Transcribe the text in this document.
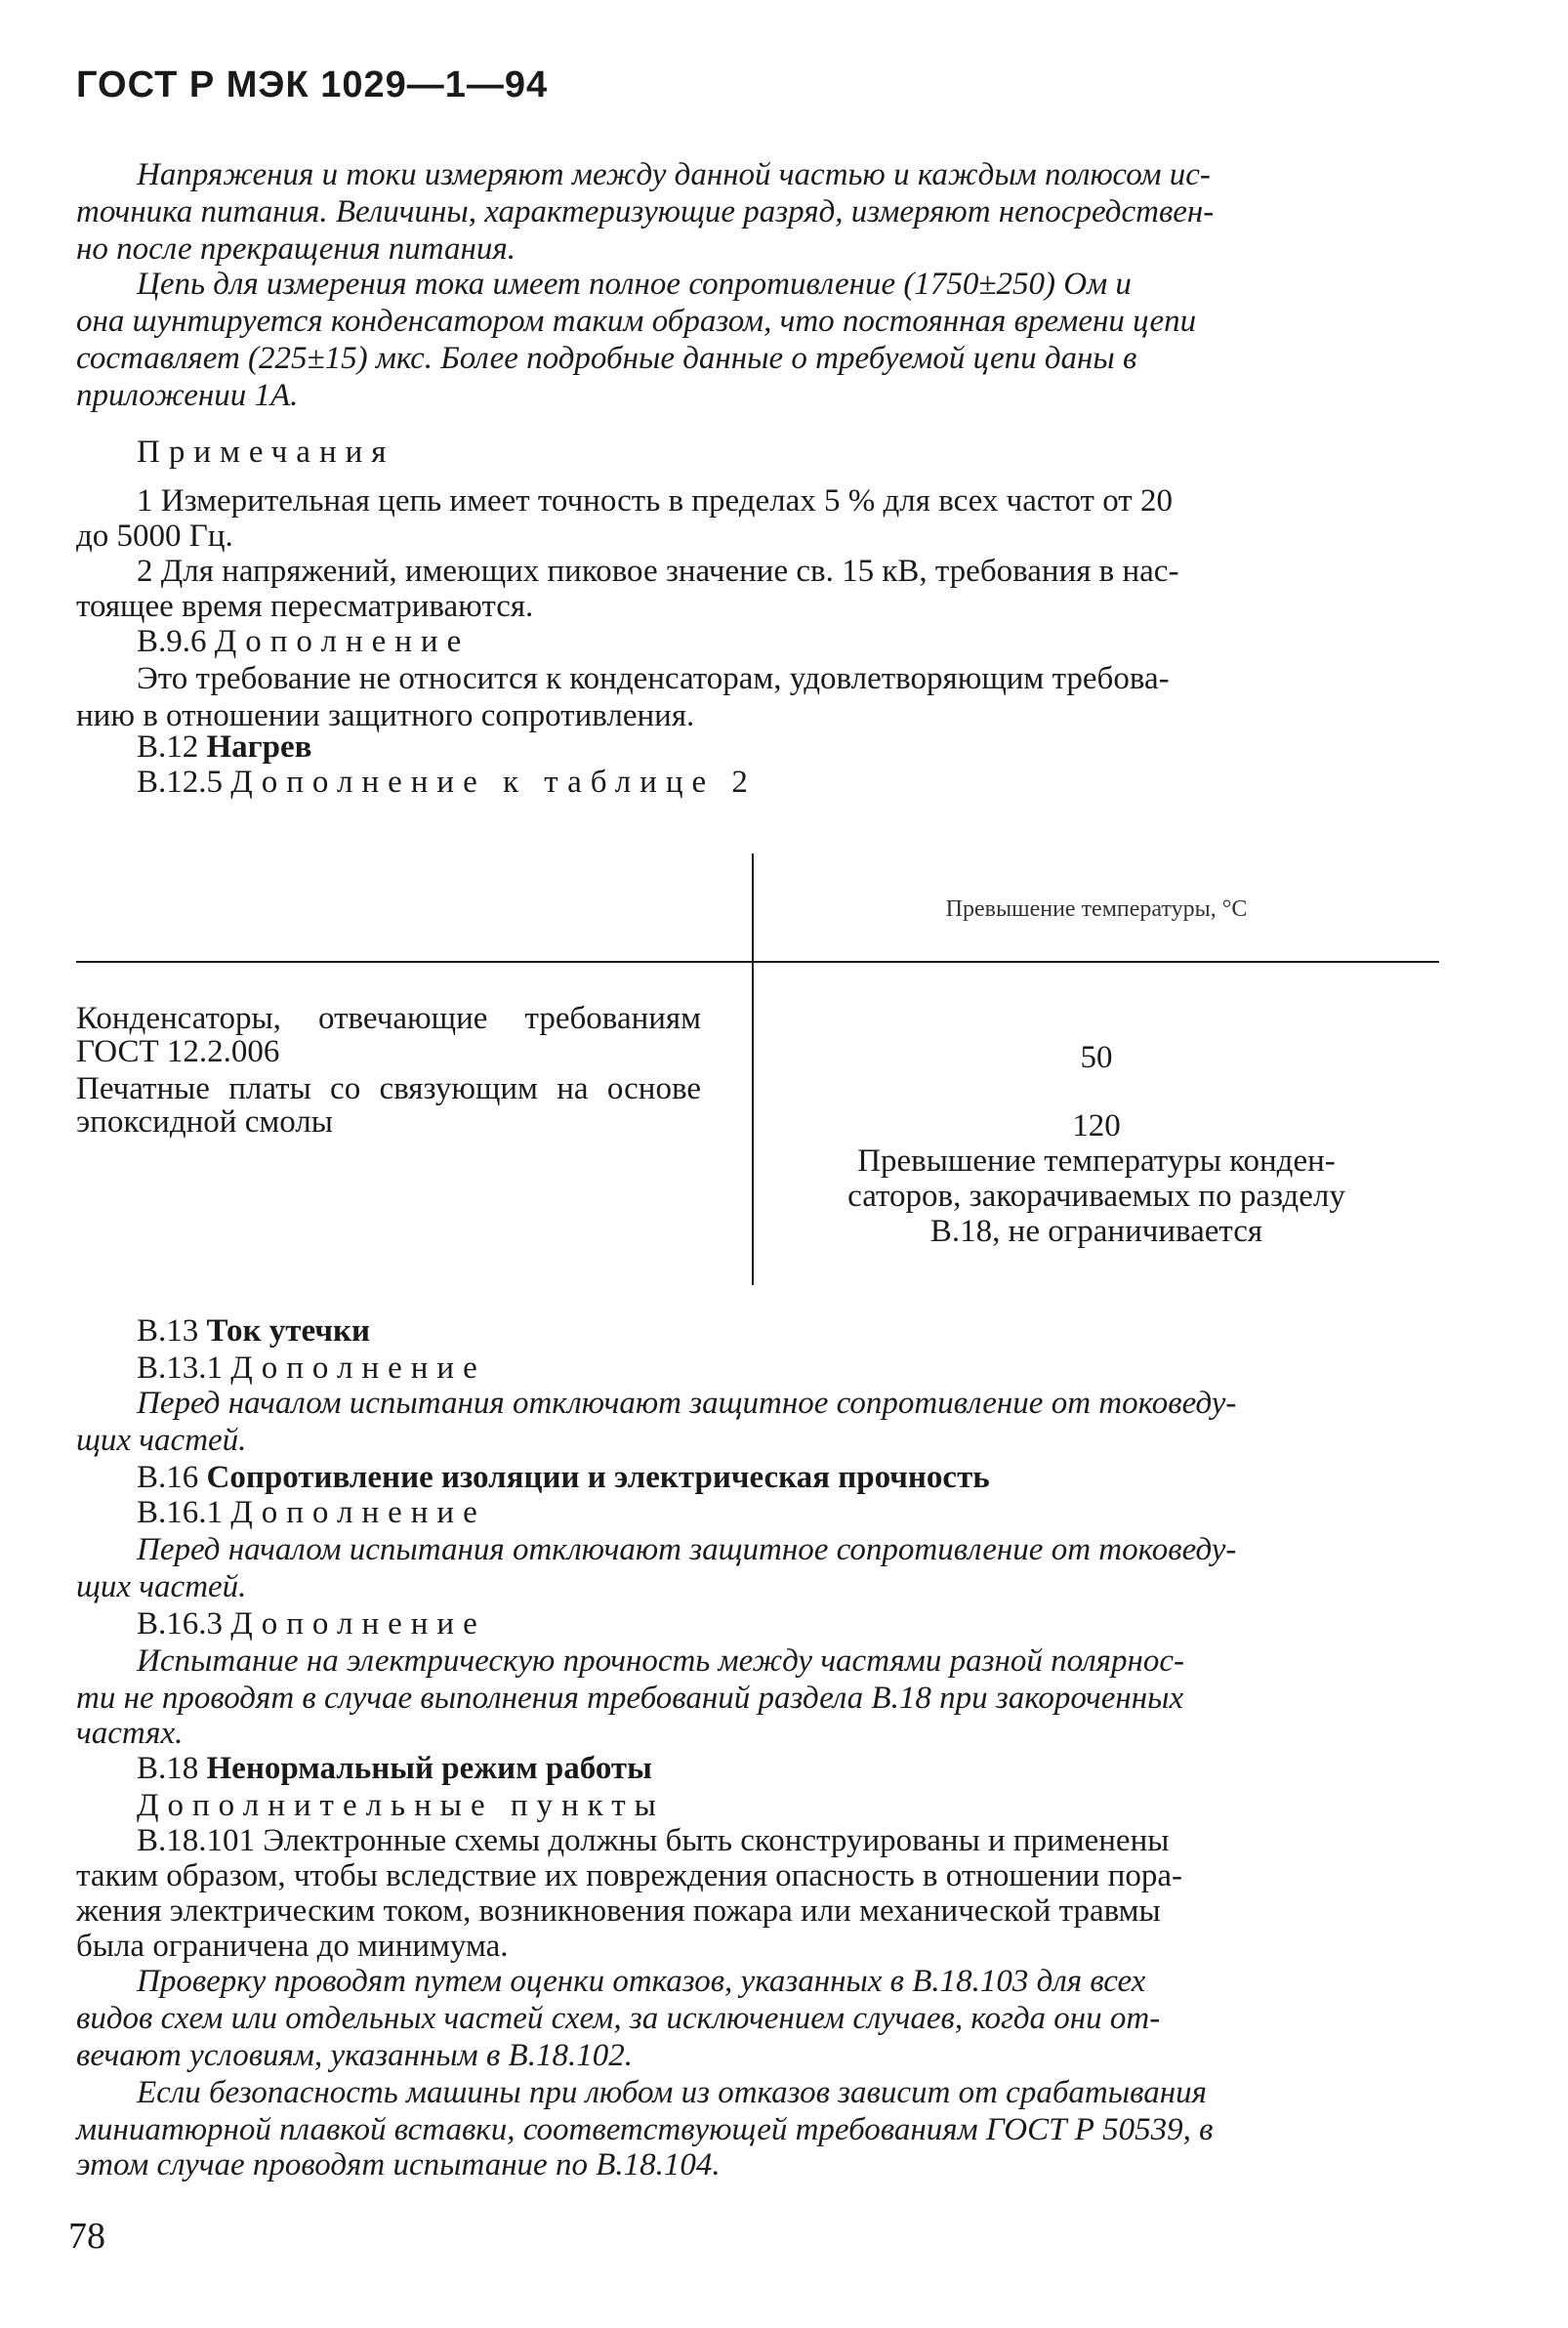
ГОСТ Р МЭК 1029—1—94
Напряжения и токи измеряют между данной частью и каждым полюсом ис-
точника питания. Величины, характеризующие разряд, измеряют непосредствен-
но после прекращения питания.
Цепь для измерения тока имеет полное сопротивление (1750±250) Ом и
она шунтируется конденсатором таким образом, что постоянная времени цепи
составляет (225±15) мкс. Более подробные данные о требуемой цепи даны в
приложении 1А.
Примечания
1 Измерительная цепь имеет точность в пределах 5 % для всех частот от 20
до 5000 Гц.
2 Для напряжений, имеющих пиковое значение св. 15 кВ, требования в нас-
тоящее время пересматриваются.
В.9.6 Дополнение
Это требование не относится к конденсаторам, удовлетворяющим требова-
нию в отношении защитного сопротивления.
В.12 Нагрев
В.12.5 Дополнение к таблице 2
Превышение температуры, °С
Конденсаторы, отвечающие требованиям ГОСТ 12.2.006
Печатные платы со связующим на основе эпоксидной смолы
50
120
Превышение температуры конден-
саторов, закорачиваемых по разделу
В.18, не ограничивается
В.13 Ток утечки
В.13.1 Дополнение
Перед началом испытания отключают защитное сопротивление от токоведу-
щих частей.
В.16 Сопротивление изоляции и электрическая прочность
В.16.1 Дополнение
Перед началом испытания отключают защитное сопротивление от токоведу-
щих частей.
В.16.3 Дополнение
Испытание на электрическую прочность между частями разной полярнос-
ти не проводят в случае выполнения требований раздела В.18 при закороченных
частях.
В.18 Ненормальный режим работы
Дополнительные пункты
В.18.101 Электронные схемы должны быть сконструированы и применены
таким образом, чтобы вследствие их повреждения опасность в отношении пора-
жения электрическим током, возникновения пожара или механической травмы
была ограничена до минимума.
Проверку проводят путем оценки отказов, указанных в В.18.103 для всех
видов схем или отдельных частей схем, за исключением случаев, когда они от-
вечают условиям, указанным в В.18.102.
Если безопасность машины при любом из отказов зависит от срабатывания
миниатюрной плавкой вставки, соответствующей требованиям ГОСТ Р 50539, в
этом случае проводят испытание по В.18.104.
78
